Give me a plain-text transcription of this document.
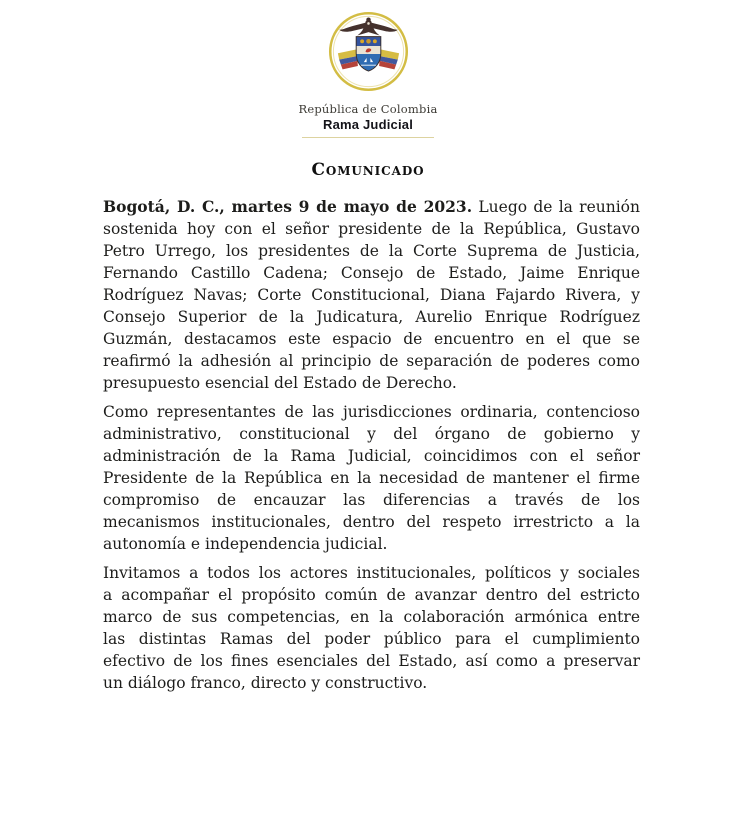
República de Colombia
Rama Judicial
Comunicado
Bogotá, D. C., martes 9 de mayo de 2023. Luego de la reunión
sostenida hoy con el señor presidente de la República, Gustavo
Petro Urrego, los presidentes de la Corte Suprema de Justicia,
Fernando Castillo Cadena; Consejo de Estado, Jaime Enrique
Rodríguez Navas; Corte Constitucional, Diana Fajardo Rivera, y
Consejo Superior de la Judicatura, Aurelio Enrique Rodríguez
Guzmán, destacamos este espacio de encuentro en el que se
reafirmó la adhesión al principio de separación de poderes como
presupuesto esencial del Estado de Derecho.
Como representantes de las jurisdicciones ordinaria, contencioso
administrativo, constitucional y del órgano de gobierno y
administración de la Rama Judicial, coincidimos con el señor
Presidente de la República en la necesidad de mantener el firme
compromiso de encauzar las diferencias a través de los
mecanismos institucionales, dentro del respeto irrestricto a la
autonomía e independencia judicial.
Invitamos a todos los actores institucionales, políticos y sociales
a acompañar el propósito común de avanzar dentro del estricto
marco de sus competencias, en la colaboración armónica entre
las distintas Ramas del poder público para el cumplimiento
efectivo de los fines esenciales del Estado, así como a preservar
un diálogo franco, directo y constructivo.
